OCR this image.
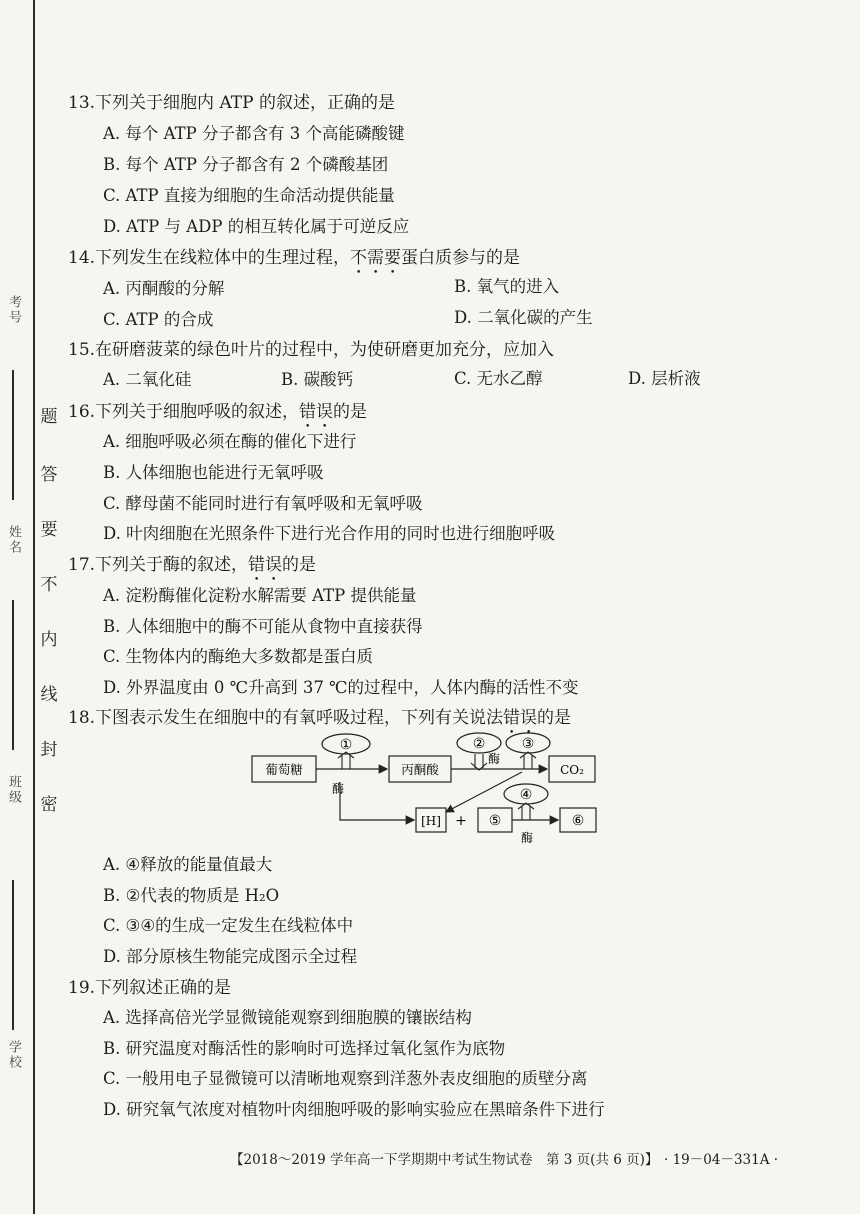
考号
姓名
班级
学校
题
答
要
不
内
线
封
密
13.下列关于细胞内 ATP 的叙述，正确的是
A. 每个 ATP 分子都含有 3 个高能磷酸键
B. 每个 ATP 分子都含有 2 个磷酸基团
C. ATP 直接为细胞的生命活动提供能量
D. ATP 与 ADP 的相互转化属于可逆反应
14.下列发生在线粒体中的生理过程，不需要蛋白质参与的是
A. 丙酮酸的分解	B. 氧气的进入
C. ATP 的合成	D. 二氧化碳的产生
15.在研磨菠菜的绿色叶片的过程中，为使研磨更加充分，应加入
A. 二氧化硅	B. 碳酸钙	C. 无水乙醇	D. 层析液
16.下列关于细胞呼吸的叙述，错误的是
A. 细胞呼吸必须在酶的催化下进行
B. 人体细胞也能进行无氧呼吸
C. 酵母菌不能同时进行有氧呼吸和无氧呼吸
D. 叶肉细胞在光照条件下进行光合作用的同时也进行细胞呼吸
17.下列关于酶的叙述，错误的是
A. 淀粉酶催化淀粉水解需要 ATP 提供能量
B. 人体细胞中的酶不可能从食物中直接获得
C. 生物体内的酶绝大多数都是蛋白质
D. 外界温度由 0 ℃升高到 37 ℃的过程中，人体内酶的活性不变
18.下图表示发生在细胞中的有氧呼吸过程，下列有关说法错误的是
葡萄糖	丙酮酸	CO₂
[H] + ⑤	⑥
①	②	③
④
酶
酶
酶
A. ④释放的能量值最大
B. ②代表的物质是 H₂O
C. ③④的生成一定发生在线粒体中
D. 部分原核生物能完成图示全过程
19.下列叙述正确的是
A. 选择高倍光学显微镜能观察到细胞膜的镶嵌结构
B. 研究温度对酶活性的影响时可选择过氧化氢作为底物
C. 一般用电子显微镜可以清晰地观察到洋葱外表皮细胞的质壁分离
D. 研究氧气浓度对植物叶肉细胞呼吸的影响实验应在黑暗条件下进行
【2018～2019 学年高一下学期期中考试生物试卷　第 3 页(共 6 页)】 · 19－04－331A ·
